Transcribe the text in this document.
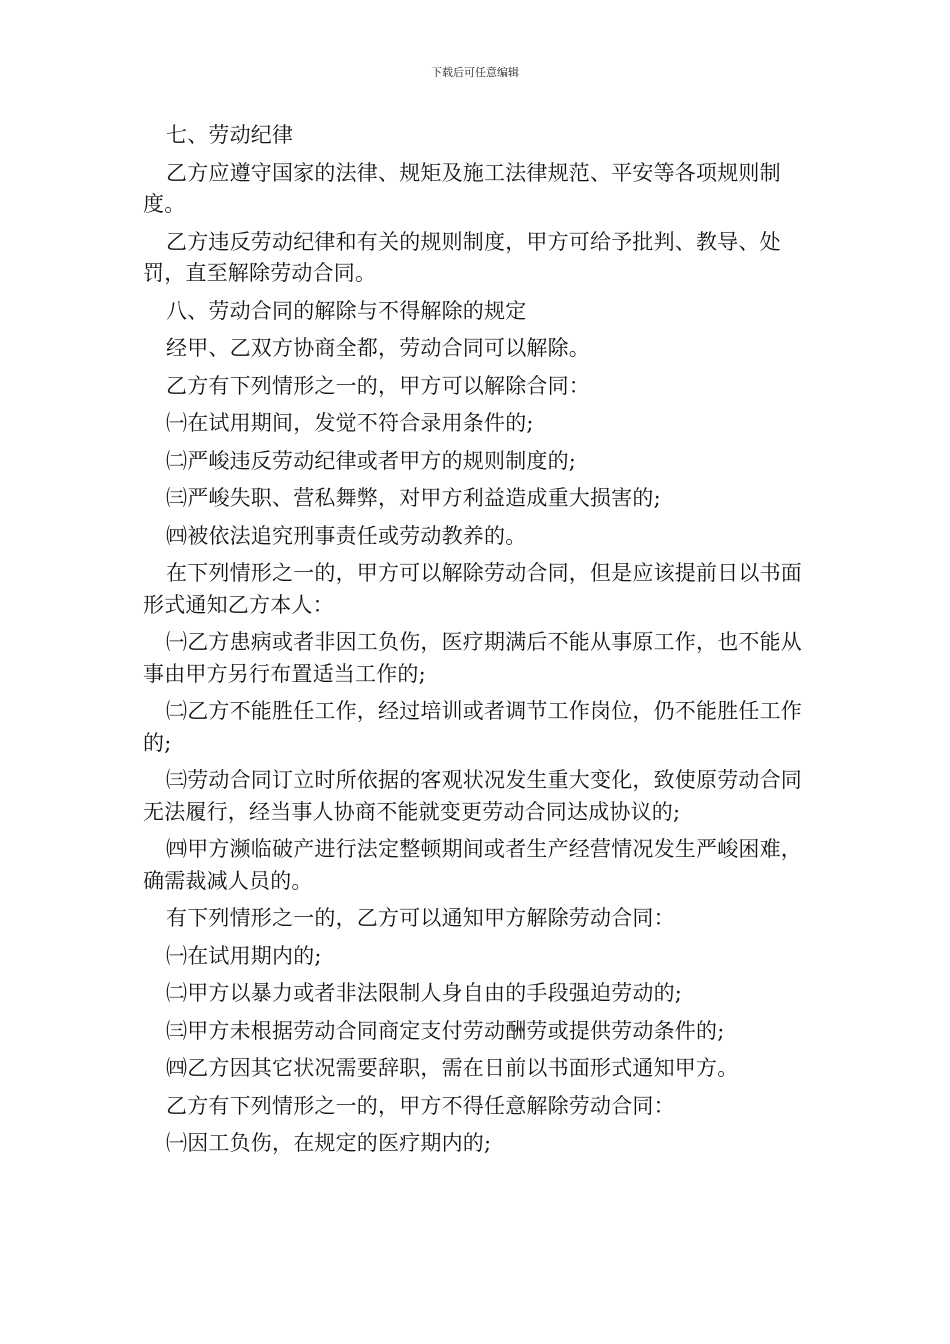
下载后可任意编辑

七、劳动纪律

乙方应遵守国家的法律、规矩及施工法律规范、平安等各项规则制度。

乙方违反劳动纪律和有关的规则制度，甲方可给予批判、教导、处罚，直至解除劳动合同。

八、劳动合同的解除与不得解除的规定

经甲、乙双方协商全都，劳动合同可以解除。

乙方有下列情形之一的，甲方可以解除合同：

㈠在试用期间，发觉不符合录用条件的;

㈡严峻违反劳动纪律或者甲方的规则制度的;

㈢严峻失职、营私舞弊，对甲方利益造成重大损害的;

㈣被依法追究刑事责任或劳动教养的。

在下列情形之一的，甲方可以解除劳动合同，但是应该提前日以书面形式通知乙方本人：

㈠乙方患病或者非因工负伤，医疗期满后不能从事原工作，也不能从事由甲方另行布置适当工作的;

㈡乙方不能胜任工作，经过培训或者调节工作岗位，仍不能胜任工作的;

㈢劳动合同订立时所依据的客观状况发生重大变化，致使原劳动合同无法履行，经当事人协商不能就变更劳动合同达成协议的;

㈣甲方濒临破产进行法定整顿期间或者生产经营情况发生严峻困难，确需裁减人员的。

有下列情形之一的，乙方可以通知甲方解除劳动合同：

㈠在试用期内的;

㈡甲方以暴力或者非法限制人身自由的手段强迫劳动的;

㈢甲方未根据劳动合同商定支付劳动酬劳或提供劳动条件的;

㈣乙方因其它状况需要辞职，需在日前以书面形式通知甲方。

乙方有下列情形之一的，甲方不得任意解除劳动合同：

㈠因工负伤，在规定的医疗期内的;
